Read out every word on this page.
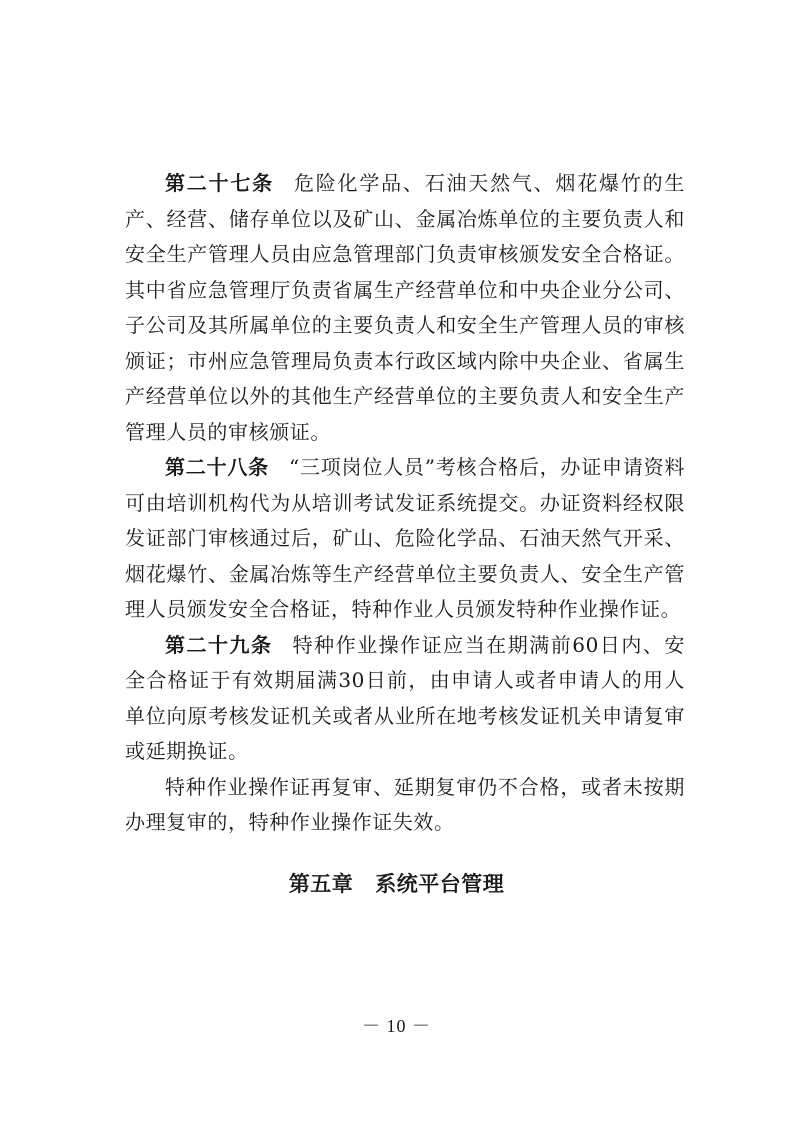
第二十七条 危险化学品、石油天然气、烟花爆竹的生产、经营、储存单位以及矿山、金属冶炼单位的主要负责人和安全生产管理人员由应急管理部门负责审核颁发安全合格证。其中省应急管理厅负责省属生产经营单位和中央企业分公司、子公司及其所属单位的主要负责人和安全生产管理人员的审核颁证；市州应急管理局负责本行政区域内除中央企业、省属生产经营单位以外的其他生产经营单位的主要负责人和安全生产管理人员的审核颁证。

第二十八条 “三项岗位人员”考核合格后，办证申请资料可由培训机构代为从培训考试发证系统提交。办证资料经权限发证部门审核通过后，矿山、危险化学品、石油天然气开采、烟花爆竹、金属冶炼等生产经营单位主要负责人、安全生产管理人员颁发安全合格证，特种作业人员颁发特种作业操作证。

第二十九条 特种作业操作证应当在期满前60日内、安全合格证于有效期届满30日前，由申请人或者申请人的用人单位向原考核发证机关或者从业所在地考核发证机关申请复审或延期换证。

特种作业操作证再复审、延期复审仍不合格，或者未按期办理复审的，特种作业操作证失效。

第五章 系统平台管理
－ 10 －
